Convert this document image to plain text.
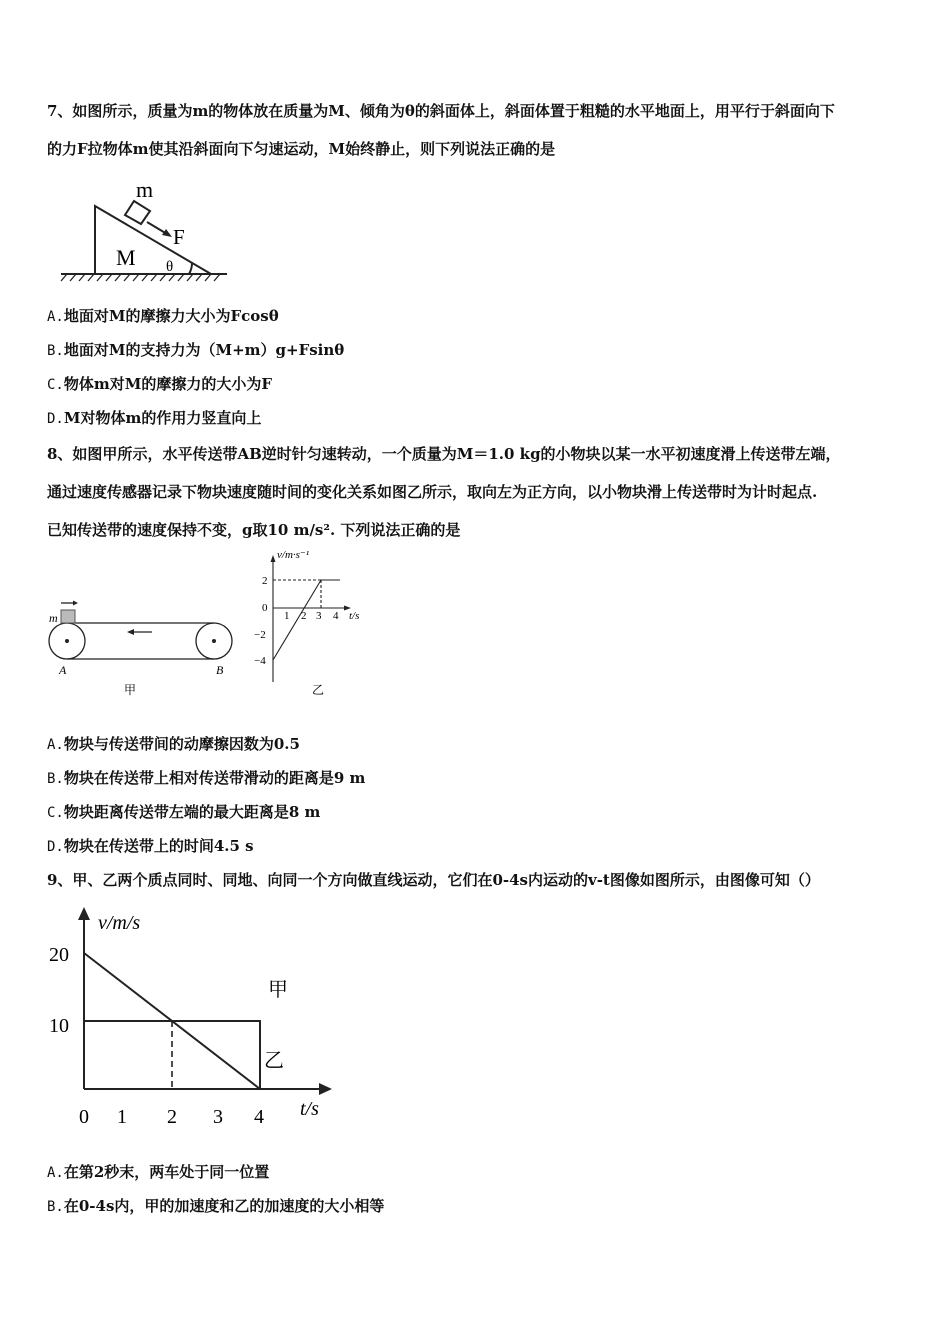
7、如图所示，质量为m的物体放在质量为M、倾角为θ的斜面体上，斜面体置于粗糙的水平地面上，用平行于斜面向下
的力F拉物体m使其沿斜面向下匀速运动，M始终静止，则下列说法正确的是

m
F
M θ
A.地面对M的摩擦力大小为Fcosθ
B.地面对M的支持力为（M+m）g+Fsinθ
C.物体m对M的摩擦力的大小为F
D.M对物体m的作用力竖直向上

8、如图甲所示，水平传送带AB逆时针匀速转动，一个质量为M＝1.0 kg的小物块以某一水平初速度滑上传送带左端，
通过速度传感器记录下物块速度随时间的变化关系如图乙所示，取向左为正方向，以小物块滑上传送带时为计时起点.
已知传送带的速度保持不变，g取10 m/s². 下列说法正确的是

m
A	B
甲
v/m·s⁻¹
t/s
2
0
−2
−4
1 2 3 4
乙
A.物块与传送带间的动摩擦因数为0.5
B.物块在传送带上相对传送带滑动的距离是9 m
C.物块距离传送带左端的最大距离是8 m
D.物块在传送带上的时间4.5 s
9、甲、乙两个质点同时、同地、向同一个方向做直线运动，它们在0-4s内运动的v-t图像如图所示，由图像可知（）
v/m/s
t/s
20
10
0 1 2 3 4
甲
乙
A.在第2秒末，两车处于同一位置
B.在0-4s内，甲的加速度和乙的加速度的大小相等
